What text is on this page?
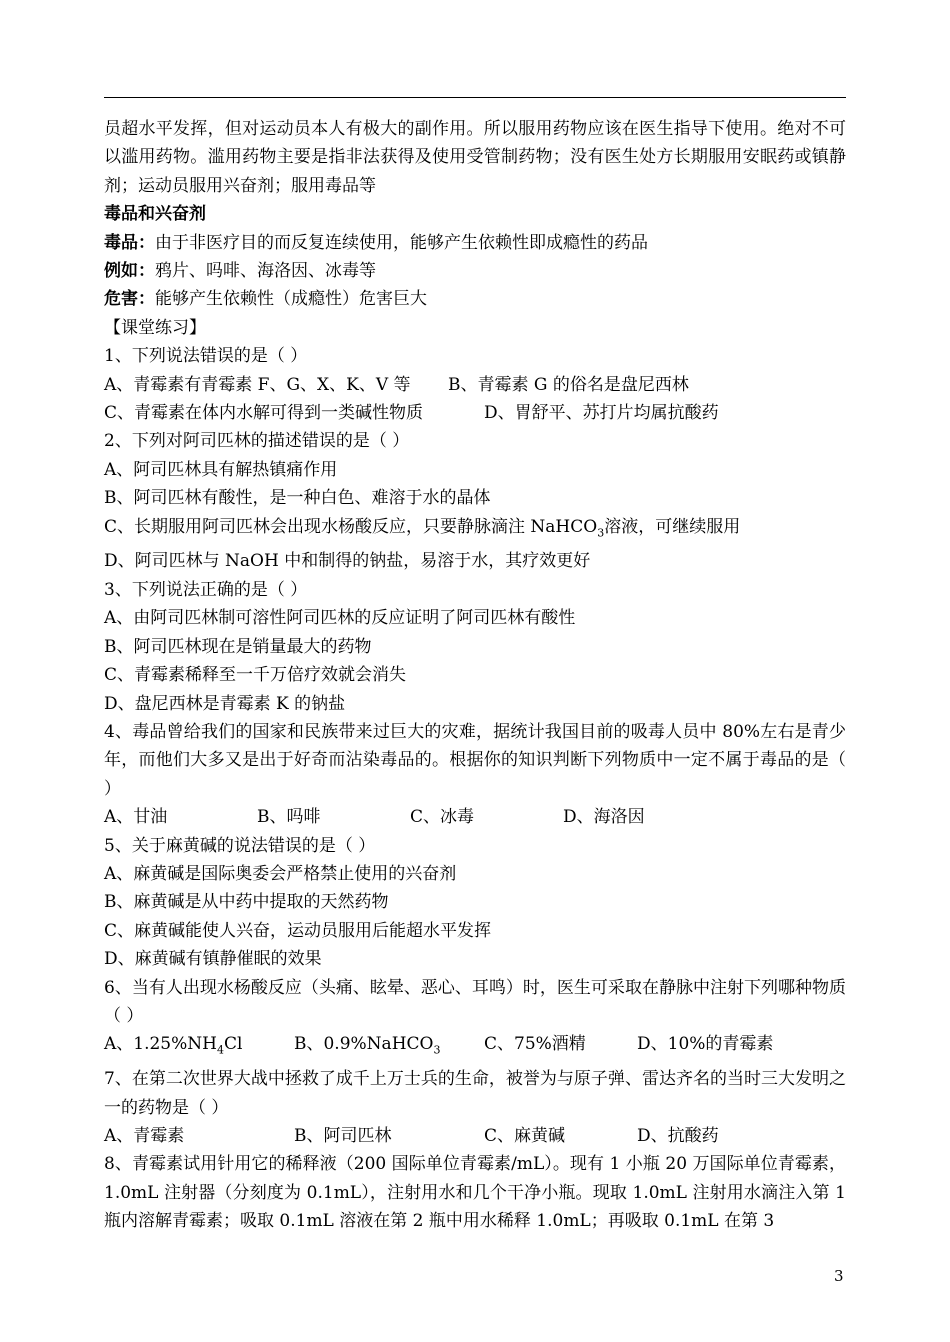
员超水平发挥，但对运动员本人有极大的副作用。所以服用药物应该在医生指导下使用。绝对不可以滥用药物。滥用药物主要是指非法获得及使用受管制药物；没有医生处方长期服用安眠药或镇静剂；运动员服用兴奋剂；服用毒品等

毒品和兴奋剂

毒品：由于非医疗目的而反复连续使用，能够产生依赖性即成瘾性的药品

例如：鸦片、吗啡、海洛因、冰毒等

危害：能够产生依赖性（成瘾性）危害巨大

【课堂练习】

1、下列说法错误的是（ ）

A、青霉素有青霉素 F、G、X、K、V 等 B、青霉素 G 的俗名是盘尼西林

C、青霉素在体内水解可得到一类碱性物质	D、胃舒平、苏打片均属抗酸药

2、下列对阿司匹林的描述错误的是（ ）

A、阿司匹林具有解热镇痛作用

B、阿司匹林有酸性，是一种白色、难溶于水的晶体

C、长期服用阿司匹林会出现水杨酸反应，只要静脉滴注 NaHCO$_3$溶液，可继续服用

D、阿司匹林与 NaOH 中和制得的钠盐，易溶于水，其疗效更好

3、下列说法正确的是（ ）

A、由阿司匹林制可溶性阿司匹林的反应证明了阿司匹林有酸性

B、阿司匹林现在是销量最大的药物

C、青霉素稀释至一千万倍疗效就会消失

D、盘尼西林是青霉素 K 的钠盐

4、毒品曾给我们的国家和民族带来过巨大的灾难，据统计我国目前的吸毒人员中 80%左右是青少年，而他们大多又是出于好奇而沾染毒品的。根据你的知识判断下列物质中一定不属于毒品的是（ ）

A、甘油	B、吗啡	C、冰毒	D、海洛因

5、关于麻黄碱的说法错误的是（ ）

A、麻黄碱是国际奥委会严格禁止使用的兴奋剂

B、麻黄碱是从中药中提取的天然药物

C、麻黄碱能使人兴奋，运动员服用后能超水平发挥

D、麻黄碱有镇静催眠的效果

6、当有人出现水杨酸反应（头痛、眩晕、恶心、耳鸣）时，医生可采取在静脉中注射下列哪种物质（ ）

A、$1.25\%NH_4Cl$	B、0.9%NaHCO$_3$	C、75%酒精	D、10%的青霉素

7、在第二次世界大战中拯救了成千上万士兵的生命，被誉为与原子弹、雷达齐名的当时三大发明之一的药物是（ ）

A、青霉素	B、阿司匹林	C、麻黄碱	D、抗酸药

8、青霉素试用针用它的稀释液（200 国际单位青霉素/mL）。现有 1 小瓶 20 万国际单位青霉素，1.0mL 注射器（分刻度为 0.1mL），注射用水和几个干净小瓶。现取 1.0mL 注射用水滴注入第 1 瓶内溶解青霉素；吸取 0.1mL 溶液在第 2 瓶中用水稀释 1.0mL；再吸取 0.1mL 在第 3

3
